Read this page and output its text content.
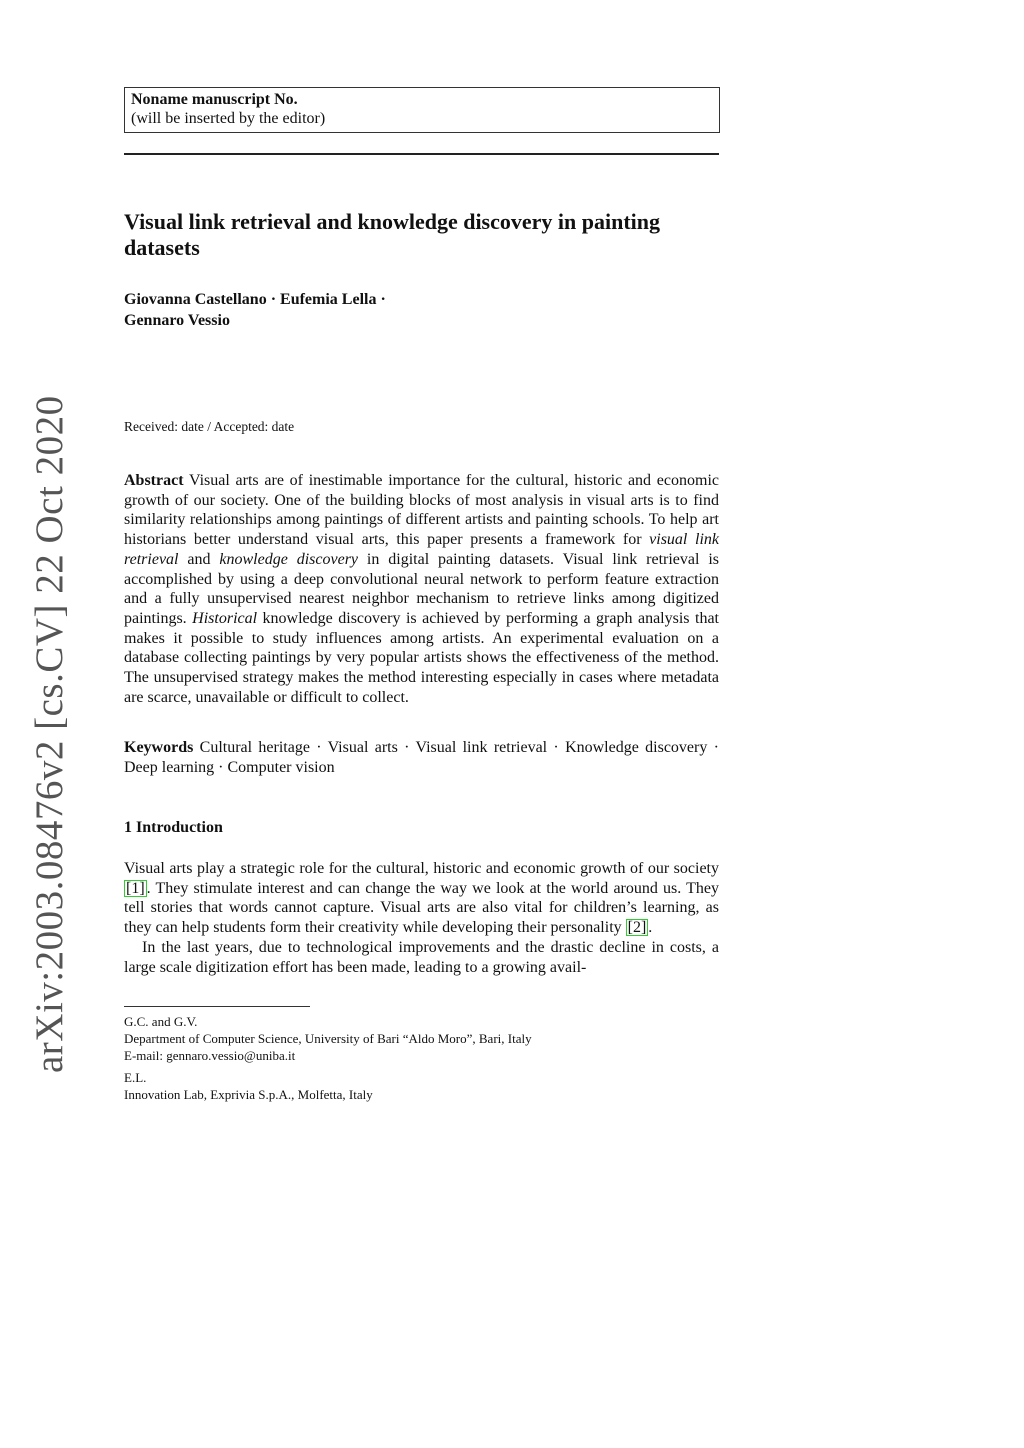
arXiv:2003.08476v2 [cs.CV] 22 Oct 2020
Noname manuscript No.
(will be inserted by the editor)
Visual link retrieval and knowledge discovery in painting datasets
Giovanna Castellano · Eufemia Lella ·
Gennaro Vessio
Received: date / Accepted: date
Abstract Visual arts are of inestimable importance for the cultural, historic and economic growth of our society. One of the building blocks of most analysis in visual arts is to find similarity relationships among paintings of different artists and painting schools. To help art historians better understand visual arts, this paper presents a framework for visual link retrieval and knowledge discovery in digital painting datasets. Visual link retrieval is accomplished by using a deep convolutional neural network to perform feature extraction and a fully unsupervised nearest neighbor mechanism to retrieve links among digitized paintings. Historical knowledge discovery is achieved by performing a graph analysis that makes it possible to study influences among artists. An experimental evaluation on a database collecting paintings by very popular artists shows the effectiveness of the method. The unsupervised strategy makes the method interesting especially in cases where metadata are scarce, unavailable or difficult to collect.
Keywords Cultural heritage · Visual arts · Visual link retrieval · Knowledge discovery · Deep learning · Computer vision
1 Introduction

Visual arts play a strategic role for the cultural, historic and economic growth of our society [1] . They stimulate interest and can change the way we look at the world around us. They tell stories that words cannot capture. Visual arts are also vital for children’s learning, as they can help students form their creativity while developing their personality [2] .

In the last years, due to technological improvements and the drastic decline in costs, a large scale digitization effort has been made, leading to a growing avail-

G.C. and G.V.
Department of Computer Science, University of Bari “Aldo Moro”, Bari, Italy
E-mail: gennaro.vessio@uniba.it
E.L.
Innovation Lab, Exprivia S.p.A., Molfetta, Italy
